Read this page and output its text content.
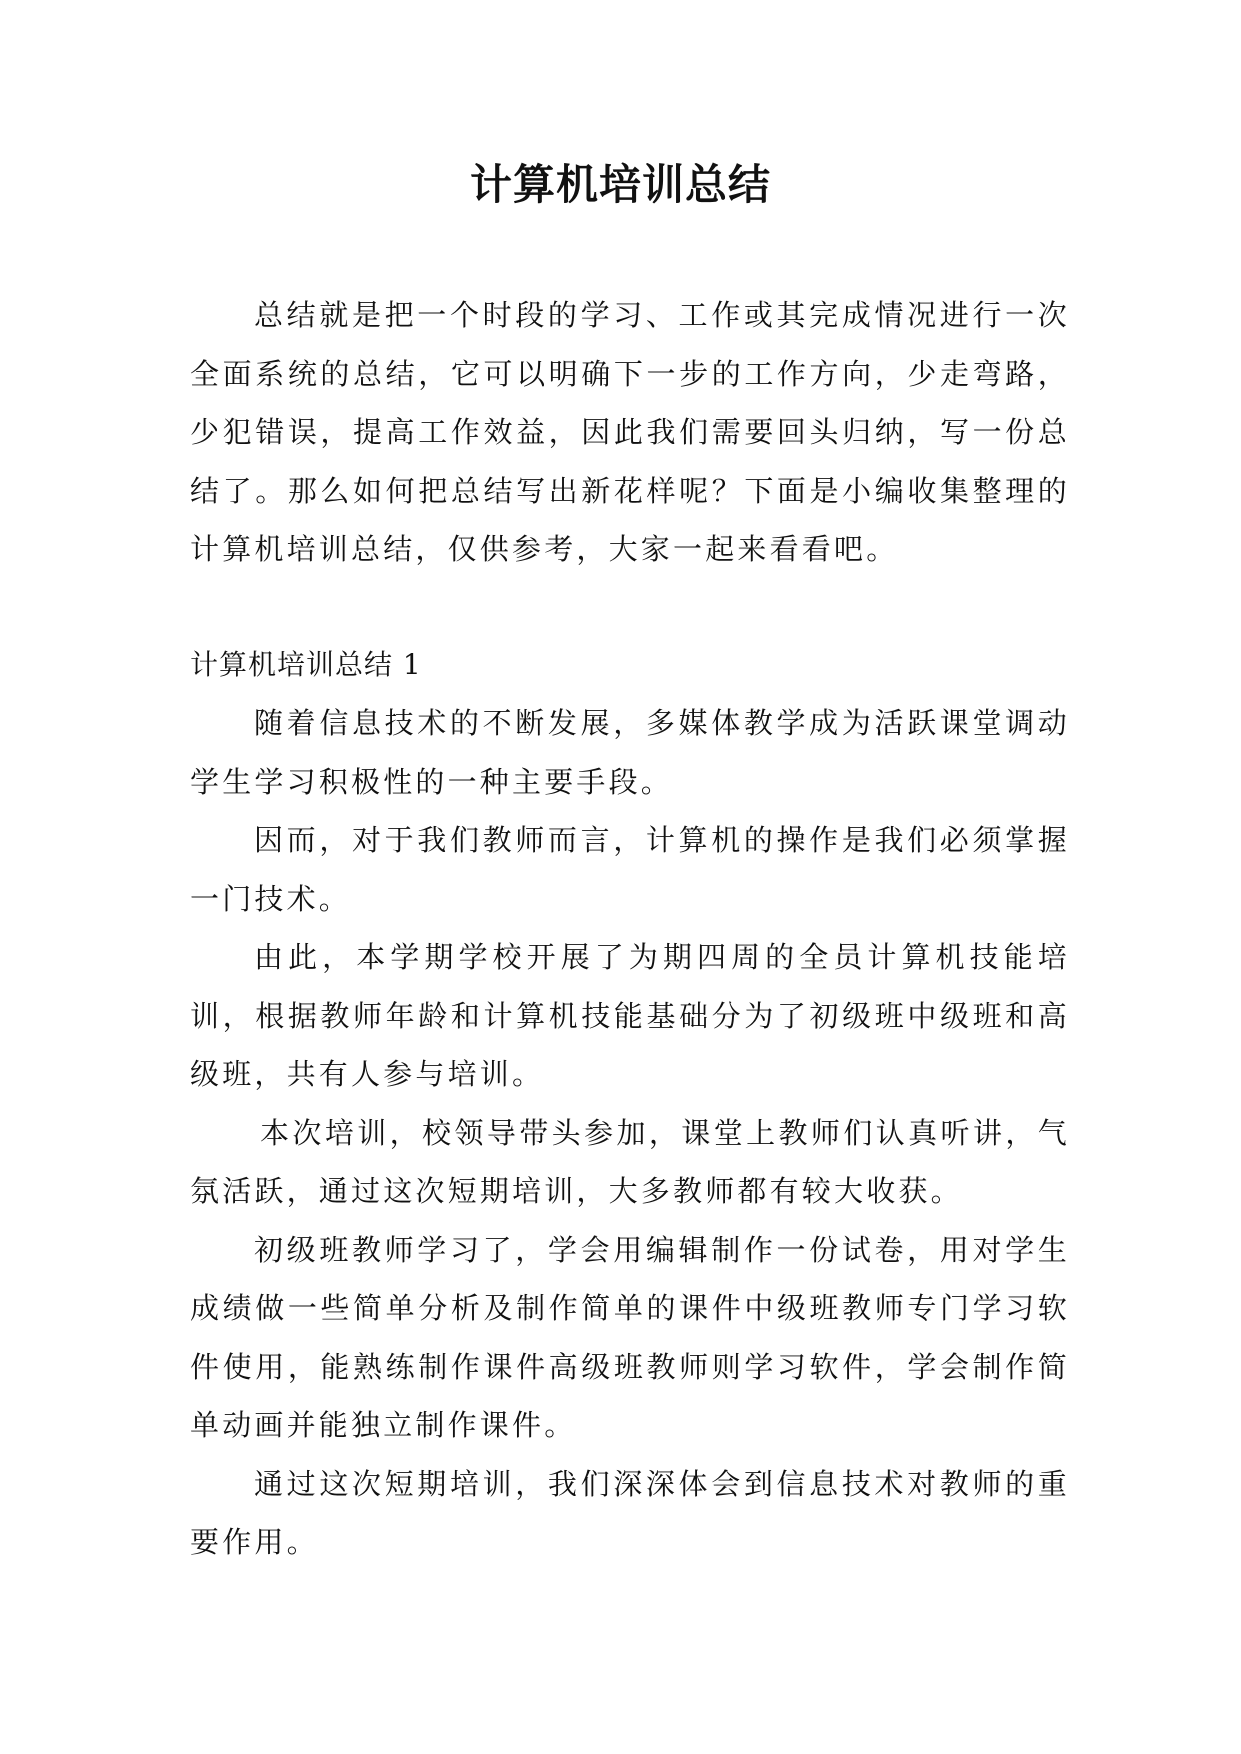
计算机培训总结
总结就是把一个时段的学习、工作或其完成情况进行一次全面系统的总结，它可以明确下一步的工作方向，少走弯路，少犯错误，提高工作效益，因此我们需要回头归纳，写一份总结了。那么如何把总结写出新花样呢？下面是小编收集整理的计算机培训总结，仅供参考，大家一起来看看吧。
计算机培训总结 1

随着信息技术的不断发展，多媒体教学成为活跃课堂调动学生学习积极性的一种主要手段。

因而，对于我们教师而言，计算机的操作是我们必须掌握一门技术。

由此，本学期学校开展了为期四周的全员计算机技能培训，根据教师年龄和计算机技能基础分为了初级班中级班和高级班，共有人参与培训。

本次培训，校领导带头参加，课堂上教师们认真听讲，气氛活跃，通过这次短期培训，大多教师都有较大收获。

初级班教师学习了，学会用编辑制作一份试卷，用对学生成绩做一些简单分析及制作简单的课件中级班教师专门学习软件使用，能熟练制作课件高级班教师则学习软件，学会制作简单动画并能独立制作课件。

通过这次短期培训，我们深深体会到信息技术对教师的重要作用。
